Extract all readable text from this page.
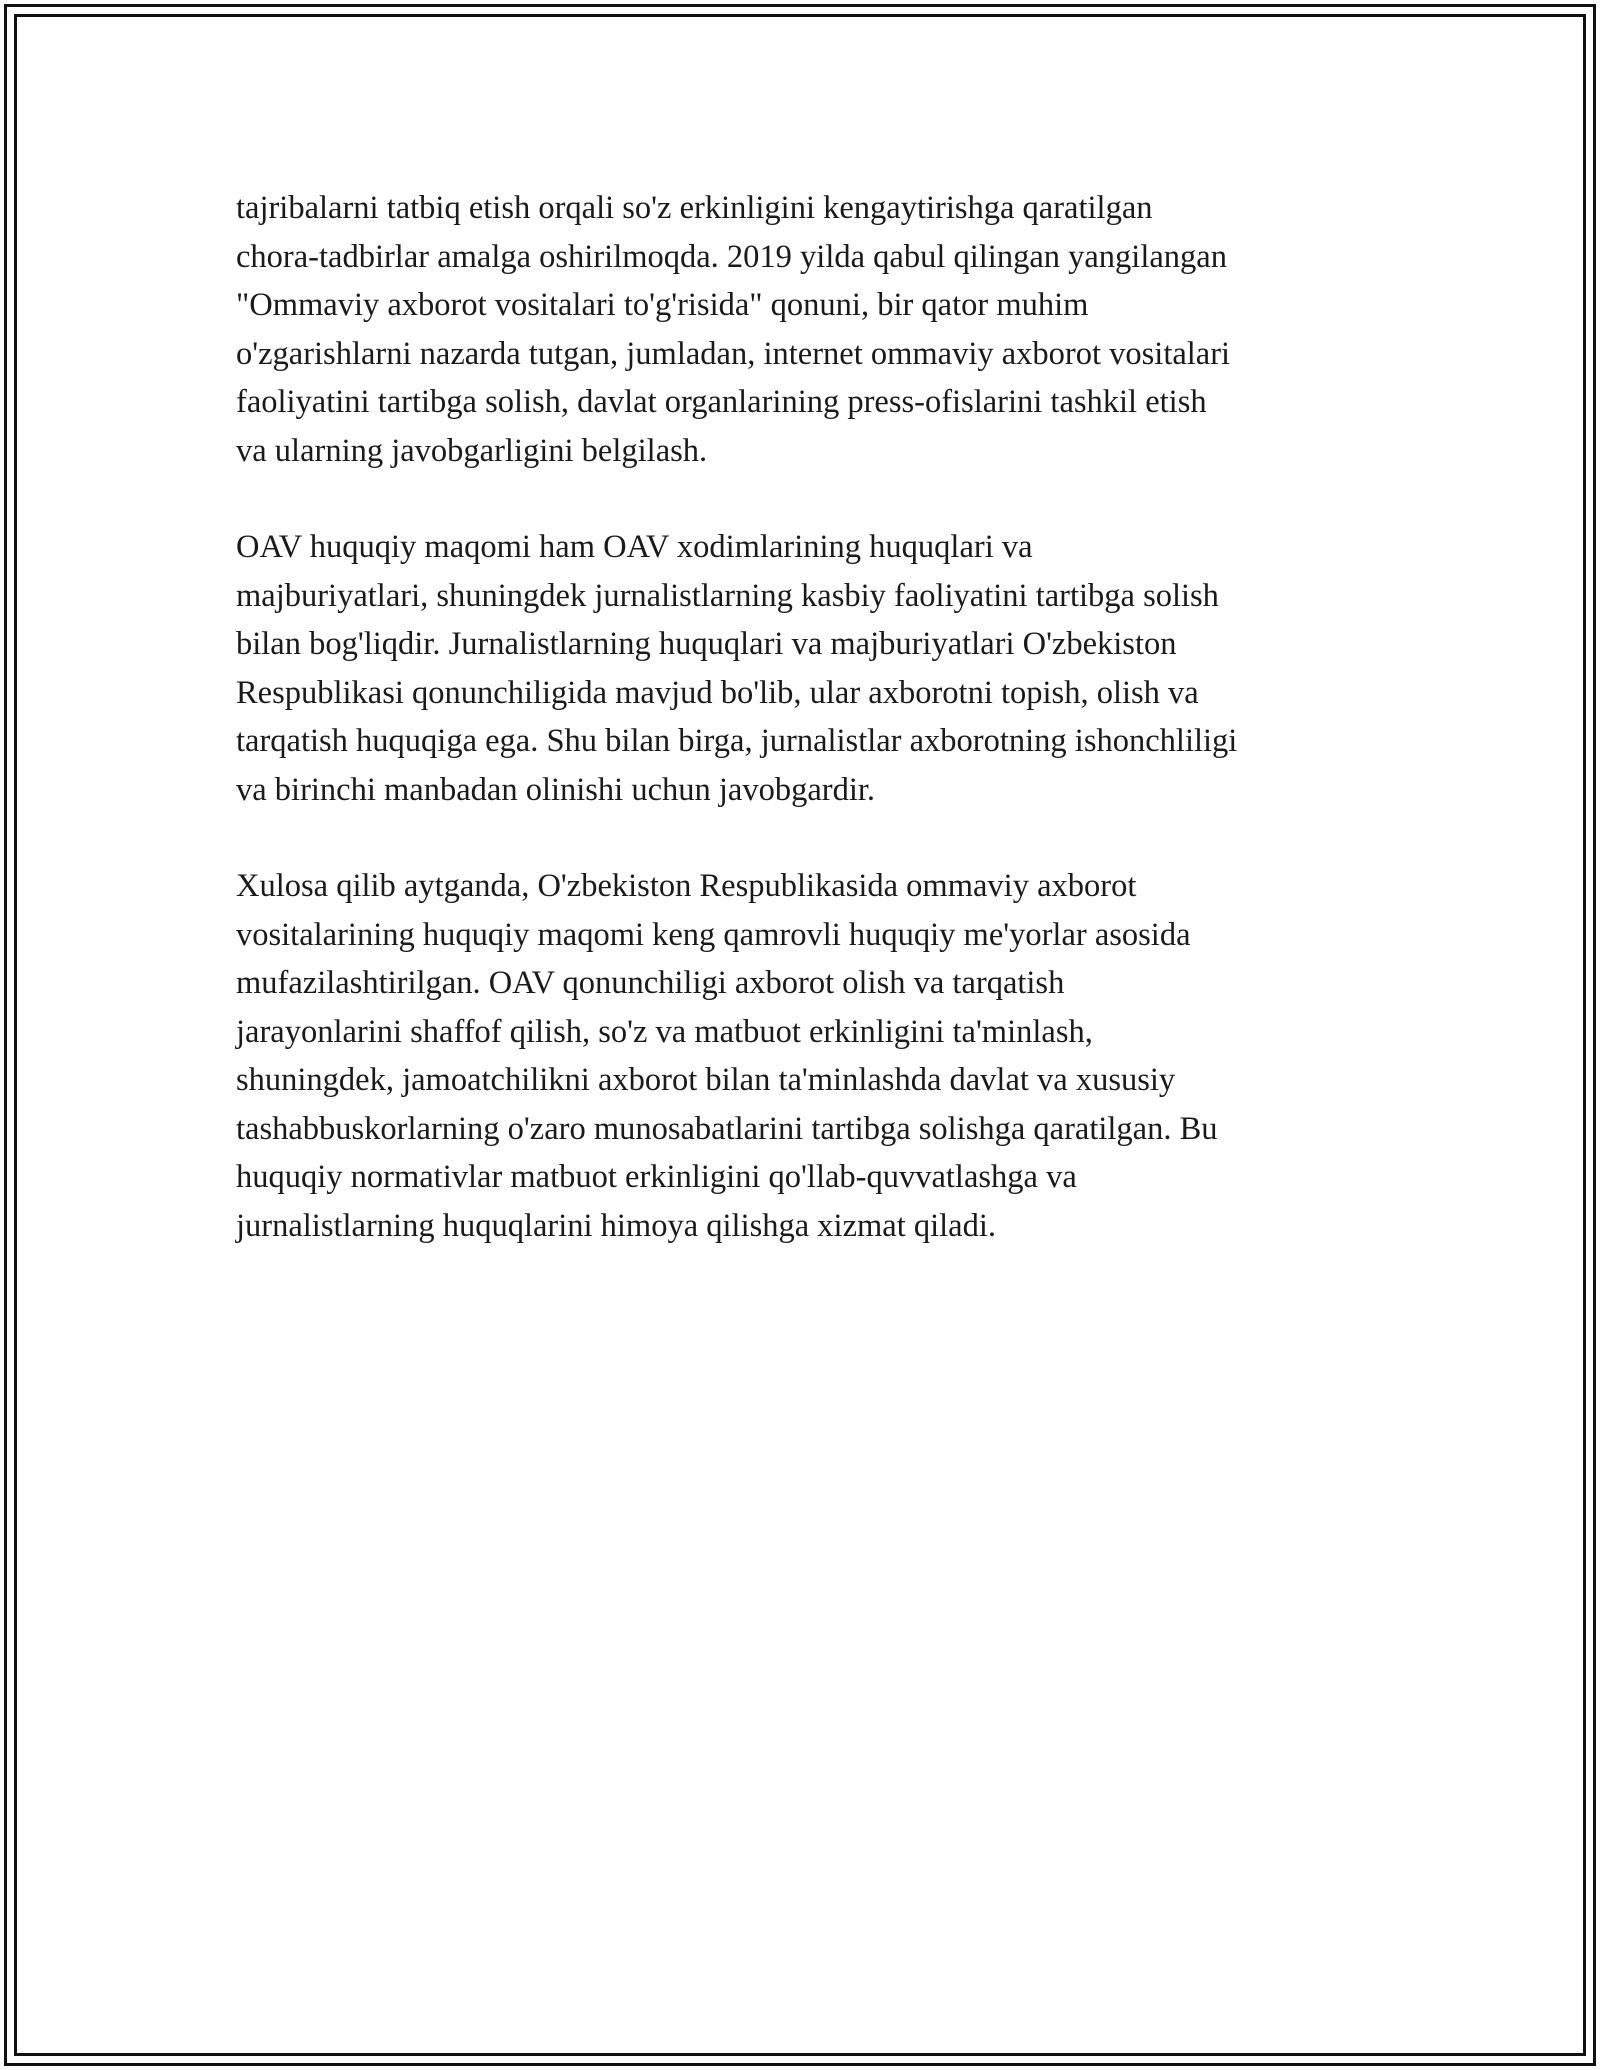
tajribalarni tatbiq etish orqali so'z erkinligini kengaytirishga qaratilgan
chora-tadbirlar amalga oshirilmoqda. 2019 yilda qabul qilingan yangilangan
"Ommaviy axborot vositalari to'g'risida" qonuni, bir qator muhim
o'zgarishlarni nazarda tutgan, jumladan, internet ommaviy axborot vositalari
faoliyatini tartibga solish, davlat organlarining press-ofislarini tashkil etish
va ularning javobgarligini belgilash.

OAV huquqiy maqomi ham OAV xodimlarining huquqlari va
majburiyatlari, shuningdek jurnalistlarning kasbiy faoliyatini tartibga solish
bilan bog'liqdir. Jurnalistlarning huquqlari va majburiyatlari O'zbekiston
Respublikasi qonunchiligida mavjud bo'lib, ular axborotni topish, olish va
tarqatish huquqiga ega. Shu bilan birga, jurnalistlar axborotning ishonchliligi
va birinchi manbadan olinishi uchun javobgardir.

Xulosa qilib aytganda, O'zbekiston Respublikasida ommaviy axborot
vositalarining huquqiy maqomi keng qamrovli huquqiy me'yorlar asosida
mufazilashtirilgan. OAV qonunchiligi axborot olish va tarqatish
jarayonlarini shaffof qilish, so'z va matbuot erkinligini ta'minlash,
shuningdek, jamoatchilikni axborot bilan ta'minlashda davlat va xususiy
tashabbuskorlarning o'zaro munosabatlarini tartibga solishga qaratilgan. Bu
huquqiy normativlar matbuot erkinligini qo'llab-quvvatlashga va
jurnalistlarning huquqlarini himoya qilishga xizmat qiladi.
